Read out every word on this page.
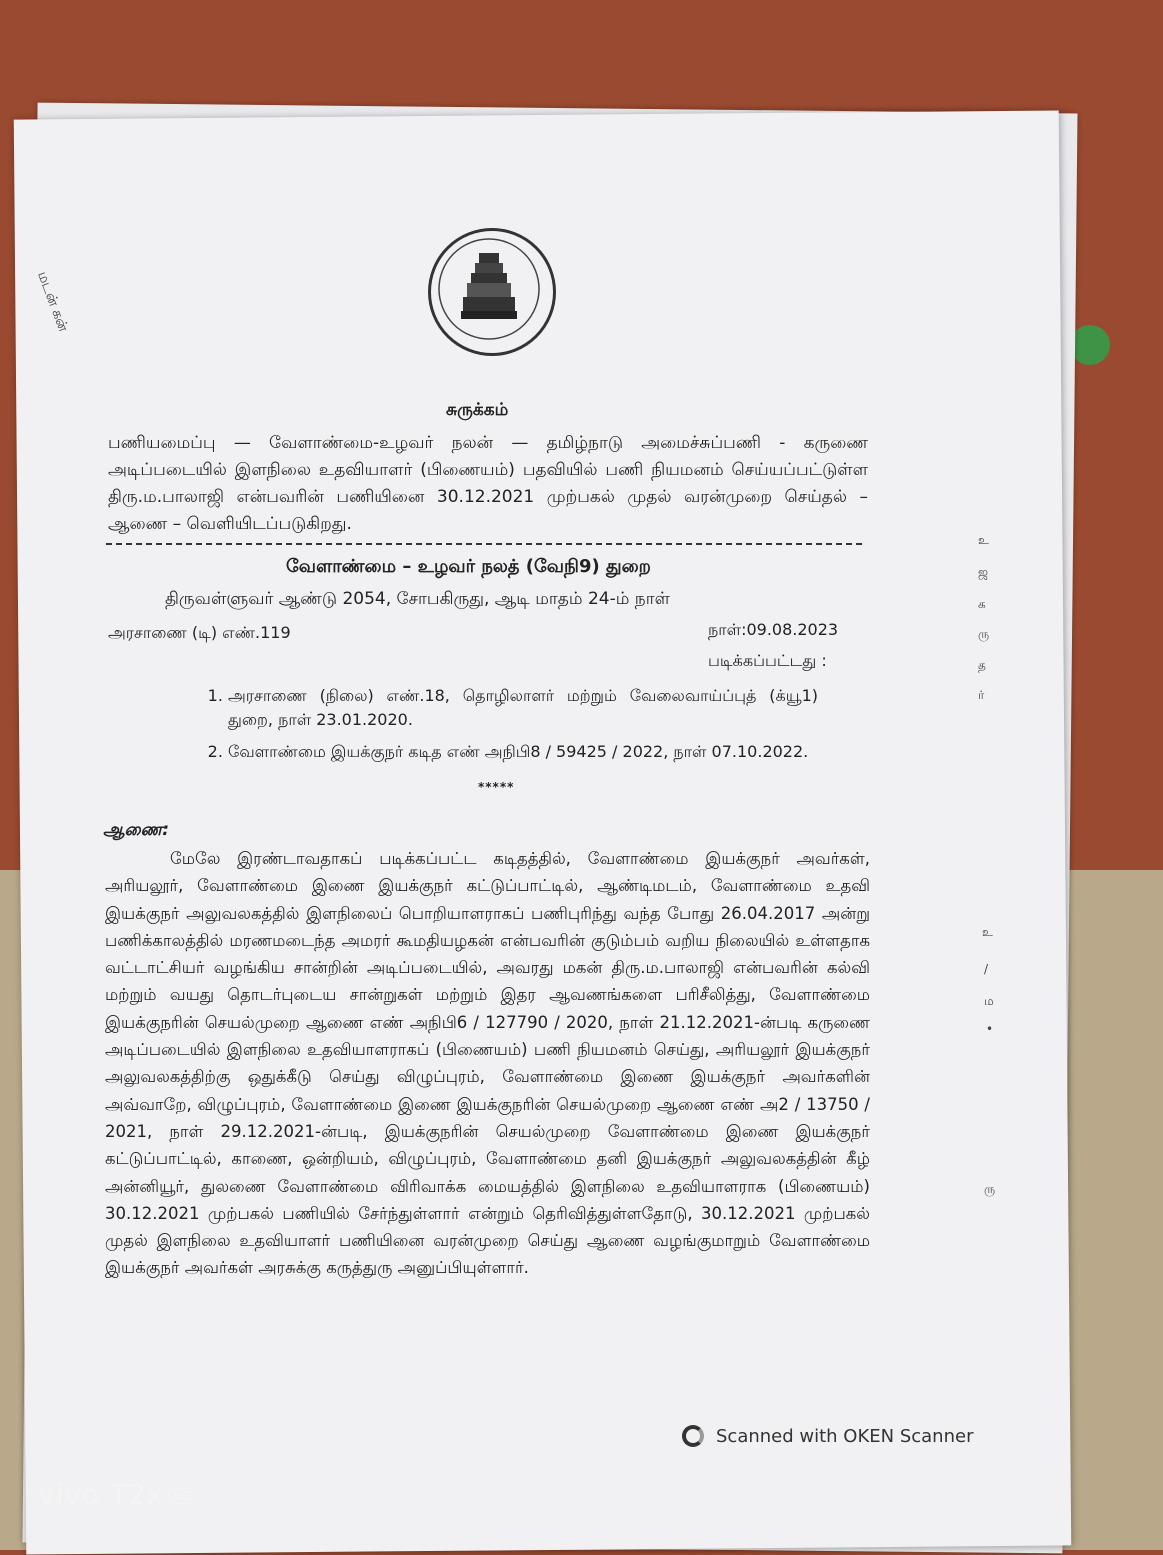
மடன் கன்
சுருக்கம்
பணியமைப்பு — வேளாண்மை-உழவர் நலன் — தமிழ்நாடு அமைச்சுப்பணி - கருணை அடிப்படையில் இளநிலை உதவியாளர் (பிணையம்) பதவியில் பணி நியமனம் செய்யப்பட்டுள்ள திரு.ம.பாலாஜி என்பவரின் பணியினை 30.12.2021 முற்பகல் முதல் வரன்முறை செய்தல் – ஆணை – வெளியிடப்படுகிறது.
வேளாண்மை – உழவர் நலத் (வேநி9) துறை
திருவள்ளுவர் ஆண்டு 2054, சோபகிருது, ஆடி மாதம் 24-ம் நாள்
அரசாணை (டி) எண்.119	நாள்:09.08.2023
படிக்கப்பட்டது :
1. அரசாணை (நிலை) எண்.18, தொழிலாளர் மற்றும் வேலைவாய்ப்புத் (க்யூ1) துறை, நாள் 23.01.2020.
2. வேளாண்மை இயக்குநர் கடித எண் அநிபி8 / 59425 / 2022, நாள் 07.10.2022.
*****
ஆணை:
மேலே இரண்டாவதாகப் படிக்கப்பட்ட கடிதத்தில், வேளாண்மை இயக்குநர் அவர்கள், அரியலூர், வேளாண்மை இணை இயக்குநர் கட்டுப்பாட்டில், ஆண்டிமடம், வேளாண்மை உதவி இயக்குநர் அலுவலகத்தில் இளநிலைப் பொறியாளராகப் பணிபுரிந்து வந்த போது 26.04.2017 அன்று பணிக்காலத்தில் மரணமடைந்த அமரர் கூமதியழகன் என்பவரின் குடும்பம் வறிய நிலையில் உள்ளதாக வட்டாட்சியர் வழங்கிய சான்றின் அடிப்படையில், அவரது மகன் திரு.ம.பாலாஜி என்பவரின் கல்வி மற்றும் வயது தொடர்புடைய சான்றுகள் மற்றும் இதர ஆவணங்களை பரிசீலித்து, வேளாண்மை இயக்குநரின் செயல்முறை ஆணை எண் அநிபி6 / 127790 / 2020, நாள் 21.12.2021-ன்படி கருணை அடிப்படையில் இளநிலை உதவியாளராகப் (பிணையம்) பணி நியமனம் செய்து, அரியலூர் இயக்குநர் அலுவலகத்திற்கு ஒதுக்கீடு செய்து விழுப்புரம், வேளாண்மை இணை இயக்குநர் அவர்களின் அவ்வாறே, விழுப்புரம், வேளாண்மை இணை இயக்குநரின் செயல்முறை ஆணை எண் அ2 / 13750 / 2021, நாள் 29.12.2021-ன்படி, இயக்குநரின் செயல்முறை வேளாண்மை இணை இயக்குநர் கட்டுப்பாட்டில், காணை, ஒன்றியம், விழுப்புரம், வேளாண்மை தனி இயக்குநர் அலுவலகத்தின் கீழ் அன்னியூர், துலணை வேளாண்மை விரிவாக்க மையத்தில் இளநிலை உதவியாளராக (பிணையம்) 30.12.2021 முற்பகல் பணியில் சேர்ந்துள்ளார் என்றும் தெரிவித்துள்ளதோடு, 30.12.2021 முற்பகல் முதல் இளநிலை உதவியாளர் பணியினை வரன்முறை செய்து ஆணை வழங்குமாறும் வேளாண்மை இயக்குநர் அவர்கள் அரசுக்கு கருத்துரு அனுப்பியுள்ளார்.
உ
ஜ
க
ரு
த
ர்
உ
/
ம
•
ரு
Scanned with OKEN Scanner
vivo T2x 5G
